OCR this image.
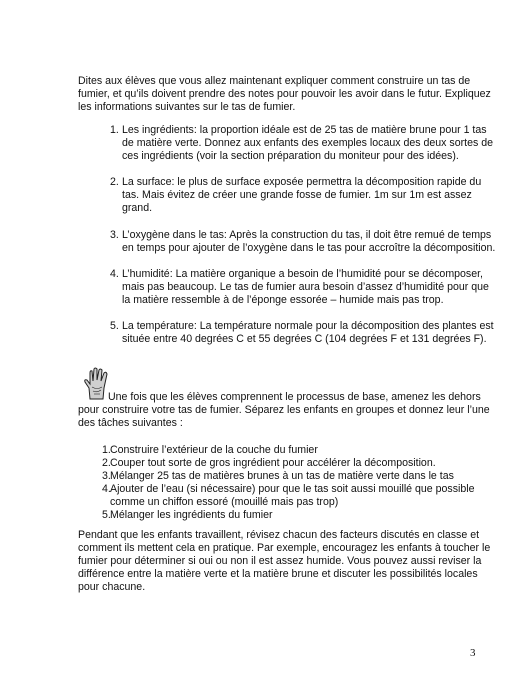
Dites aux élèves que vous allez maintenant expliquer comment construire un tas de fumier, et qu’ils doivent prendre des notes pour pouvoir les avoir dans le futur. Expliquez les informations suivantes sur le tas de fumier.

1. Les ingrédients: la proportion idéale est de 25 tas de matière brune pour 1 tas de matière verte. Donnez aux enfants des exemples locaux des deux sortes de ces ingrédients (voir la section préparation du moniteur pour des idées).
2. La surface: le plus de surface exposée permettra la décomposition rapide du tas. Mais évitez de créer une grande fosse de fumier. 1m sur 1m est assez grand.
3. L’oxygène dans le tas: Après la construction du tas, il doit être remué de temps en temps pour ajouter de l’oxygène dans le tas pour accroître la décomposition.
4. L’humidité: La matière organique a besoin de l’humidité pour se décomposer, mais pas beaucoup. Le tas de fumier aura besoin d’assez d’humidité pour que la matière ressemble à de l’éponge essorée – humide mais pas trop.
5. La température: La température normale pour la décomposition des plantes est située entre 40 degrées C et 55 degrées C (104 degrées F et 131 degrées F).

Une fois que les élèves comprennent le processus de base, amenez les dehors pour construire votre tas de fumier. Séparez les enfants en groupes et donnez leur l’une des tâches suivantes :

1. Construire l’extérieur de la couche du fumier
2. Couper tout sorte de gros ingrédient pour accélérer la décomposition.
3. Mélanger 25 tas de matières brunes à un tas de matière verte dans le tas
4. Ajouter de l’eau (si nécessaire) pour que le tas soit aussi mouillé que possible comme un chiffon essoré (mouillé mais pas trop)
5. Mélanger les ingrédients du fumier

Pendant que les enfants travaillent, révisez chacun des facteurs discutés en classe et comment ils mettent cela en pratique. Par exemple, encouragez les enfants à toucher le fumier pour déterminer si oui ou non il est assez humide. Vous pouvez aussi reviser la différence entre la matière verte et la matière brune et discuter les possibilités locales pour chacune.

3
